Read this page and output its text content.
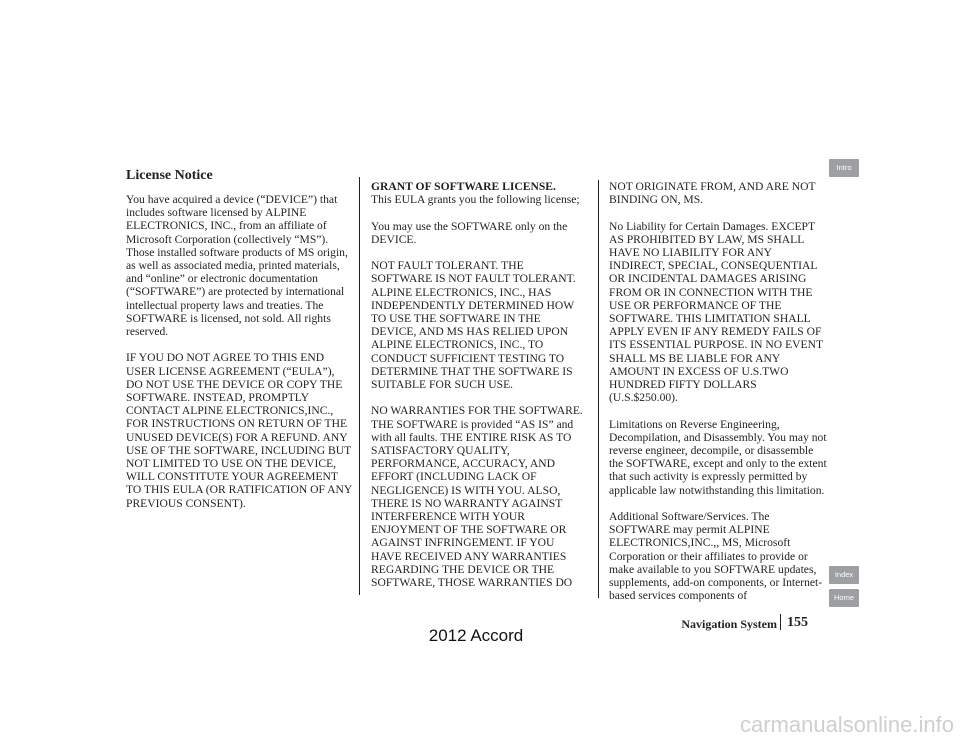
License Notice

You have acquired a device (“DEVICE”) that includes software licensed by ALPINE ELECTRONICS, INC., from an affiliate of Microsoft Corporation (collectively “MS”). Those installed software products of MS origin, as well as associated media, printed materials, and “online” or electronic documentation (“SOFTWARE”) are protected by international intellectual property laws and treaties. The SOFTWARE is licensed, not sold. All rights reserved.

IF YOU DO NOT AGREE TO THIS END USER LICENSE AGREEMENT (“EULA”), DO NOT USE THE DEVICE OR COPY THE SOFTWARE. INSTEAD, PROMPTLY CONTACT ALPINE ELECTRONICS,INC., FOR INSTRUCTIONS ON RETURN OF THE UNUSED DEVICE(S) FOR A REFUND. ANY USE OF THE SOFTWARE, INCLUDING BUT NOT LIMITED TO USE ON THE DEVICE, WILL CONSTITUTE YOUR AGREEMENT TO THIS EULA (OR RATIFICATION OF ANY PREVIOUS CONSENT).

GRANT OF SOFTWARE LICENSE.
This EULA grants you the following license;

You may use the SOFTWARE only on the DEVICE.

NOT FAULT TOLERANT. THE SOFTWARE IS NOT FAULT TOLERANT. ALPINE ELECTRONICS, INC., HAS INDEPENDENTLY DETERMINED HOW TO USE THE SOFTWARE IN THE DEVICE, AND MS HAS RELIED UPON ALPINE ELECTRONICS, INC., TO CONDUCT SUFFICIENT TESTING TO DETERMINE THAT THE SOFTWARE IS SUITABLE FOR SUCH USE.

NO WARRANTIES FOR THE SOFTWARE. THE SOFTWARE is provided “AS IS” and with all faults. THE ENTIRE RISK AS TO SATISFACTORY QUALITY, PERFORMANCE, ACCURACY, AND EFFORT (INCLUDING LACK OF NEGLIGENCE) IS WITH YOU. ALSO, THERE IS NO WARRANTY AGAINST INTERFERENCE WITH YOUR ENJOYMENT OF THE SOFTWARE OR AGAINST INFRINGEMENT. IF YOU HAVE RECEIVED ANY WARRANTIES REGARDING THE DEVICE OR THE SOFTWARE, THOSE WARRANTIES DO

NOT ORIGINATE FROM, AND ARE NOT BINDING ON, MS.

No Liability for Certain Damages. EXCEPT AS PROHIBITED BY LAW, MS SHALL HAVE NO LIABILITY FOR ANY INDIRECT, SPECIAL, CONSEQUENTIAL OR INCIDENTAL DAMAGES ARISING FROM OR IN CONNECTION WITH THE USE OR PERFORMANCE OF THE SOFTWARE. THIS LIMITATION SHALL APPLY EVEN IF ANY REMEDY FAILS OF ITS ESSENTIAL PURPOSE. IN NO EVENT SHALL MS BE LIABLE FOR ANY AMOUNT IN EXCESS OF U.S.TWO HUNDRED FIFTY DOLLARS (U.S.$250.00).

Limitations on Reverse Engineering, Decompilation, and Disassembly. You may not reverse engineer, decompile, or disassemble the SOFTWARE, except and only to the extent that such activity is expressly permitted by applicable law notwithstanding this limitation.

Additional Software/Services. The SOFTWARE may permit ALPINE ELECTRONICS,INC.,, MS, Microsoft Corporation or their affiliates to provide or make available to you SOFTWARE updates, supplements, add-on components, or Internet-based services components of

Intro
Index
Home
Navigation System 155
2012 Accord
carmanualsonline.info
